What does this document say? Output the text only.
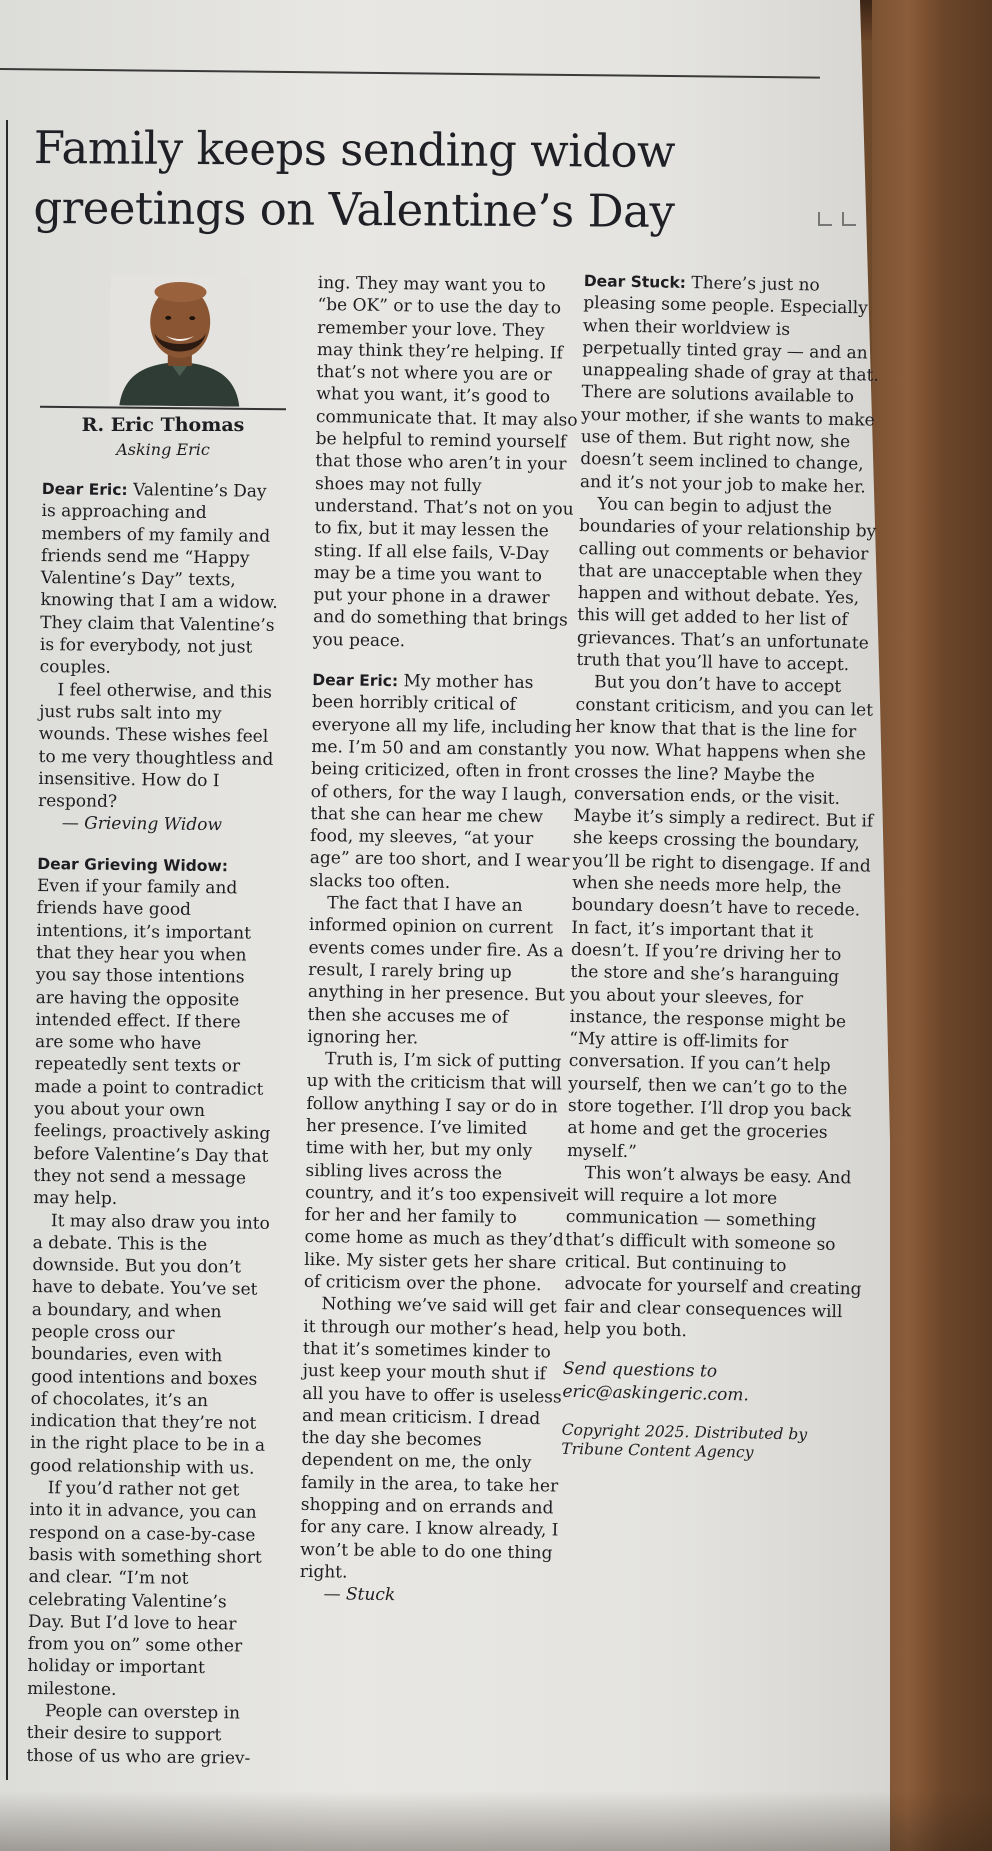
Family keeps sending widow
greetings on Valentine’s Day
R. Eric Thomas
Asking Eric

Dear Eric: Valentine’s Day is approaching and members of my family and friends send me “Happy Valentine’s Day” texts, knowing that I am a widow. They claim that Valentine’s is for everybody, not just couples.

I feel otherwise, and this just rubs salt into my wounds. These wishes feel to me very thoughtless and insensitive. How do I respond?

— Grieving Widow

Dear Grieving Widow: Even if your family and friends have good intentions, it’s important that they hear you when you say those intentions are having the opposite intended effect. If there are some who have repeatedly sent texts or made a point to contradict you about your own feelings, proactively asking before Valentine’s Day that they not send a message may help.

It may also draw you into a debate. This is the downside. But you don’t have to debate. You’ve set a boundary, and when people cross our boundaries, even with good intentions and boxes of chocolates, it’s an indication that they’re not in the right place to be in a good relationship with us.

If you’d rather not get into it in advance, you can respond on a case-by-case basis with something short and clear. “I’m not celebrating Valentine’s Day. But I’d love to hear from you on” some other holiday or important milestone.

People can overstep in their desire to support those of us who are griev-

ing. They may want you to “be OK” or to use the day to remember your love. They may think they’re helping. If that’s not where you are or what you want, it’s good to communicate that. It may also be helpful to remind yourself that those who aren’t in your shoes may not fully understand. That’s not on you to fix, but it may lessen the sting. If all else fails, V-Day may be a time you want to put your phone in a drawer and do something that brings you peace.

Dear Eric: My mother has been horribly critical of everyone all my life, including me. I’m 50 and am constantly being criticized, often in front of others, for the way I laugh, that she can hear me chew food, my sleeves, “at your age” are too short, and I wear slacks too often.

The fact that I have an informed opinion on current events comes under fire. As a result, I rarely bring up anything in her presence. But then she accuses me of ignoring her.

Truth is, I’m sick of putting up with the criticism that will follow anything I say or do in her presence. I’ve limited time with her, but my only sibling lives across the country, and it’s too expensive for her and her family to come home as much as they’d like. My sister gets her share of criticism over the phone.

Nothing we’ve said will get it through our mother’s head, that it’s sometimes kinder to just keep your mouth shut if all you have to offer is useless and mean criticism. I dread the day she becomes dependent on me, the only family in the area, to take her shopping and on errands and for any care. I know already, I won’t be able to do one thing right.

— Stuck

Dear Stuck: There’s just no pleasing some people. Especially when their worldview is perpetually tinted gray — and an unappealing shade of gray at that. There are solutions available to your mother, if she wants to make use of them. But right now, she doesn’t seem inclined to change, and it’s not your job to make her.

You can begin to adjust the boundaries of your relationship by calling out comments or behavior that are unacceptable when they happen and without debate. Yes, this will get added to her list of grievances. That’s an unfortunate truth that you’ll have to accept.

But you don’t have to accept constant criticism, and you can let her know that that is the line for you now. What happens when she crosses the line? Maybe the conversation ends, or the visit. Maybe it’s simply a redirect. But if she keeps crossing the boundary, you’ll be right to disengage. If and when she needs more help, the boundary doesn’t have to recede. In fact, it’s important that it doesn’t. If you’re driving her to the store and she’s haranguing you about your sleeves, for instance, the response might be “My attire is off-limits for conversation. If you can’t help yourself, then we can’t go to the store together. I’ll drop you back at home and get the groceries myself.”

This won’t always be easy. And it will require a lot more communication — something that’s difficult with someone so critical. But continuing to advocate for yourself and creating fair and clear consequences will help you both.

Send questions to eric@askingeric.com.

Copyright 2025. Distributed by Tribune Content Agency
